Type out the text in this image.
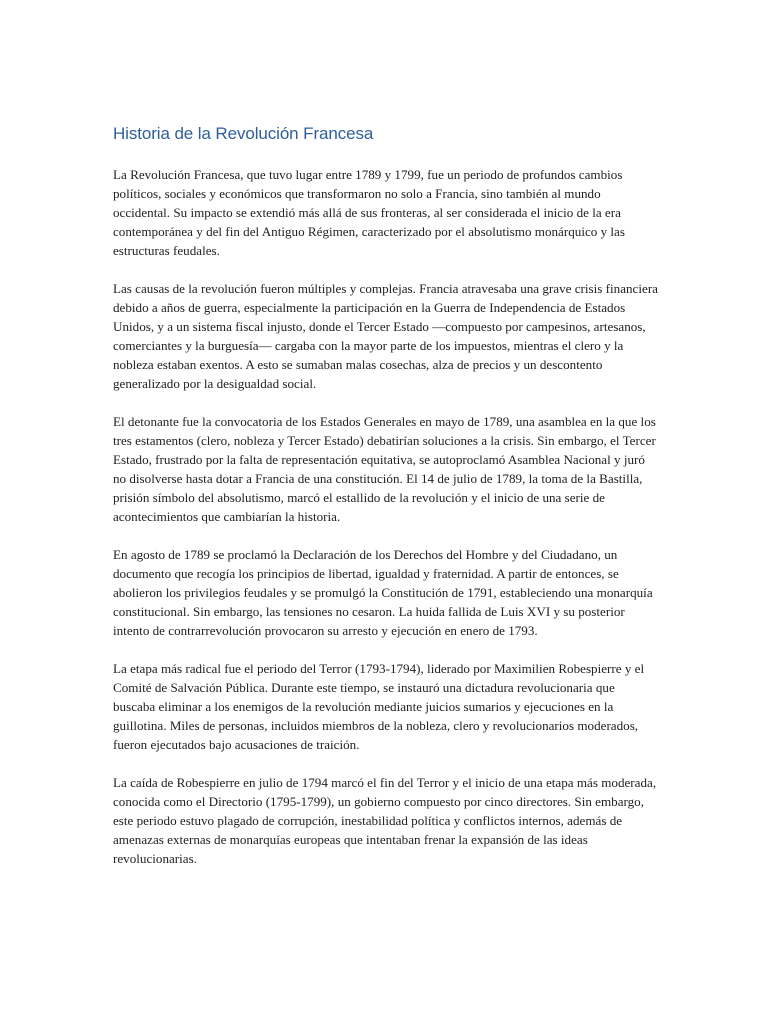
Historia de la Revolución Francesa

La Revolución Francesa, que tuvo lugar entre 1789 y 1799, fue un periodo de profundos cambios políticos, sociales y económicos que transformaron no solo a Francia, sino también al mundo occidental. Su impacto se extendió más allá de sus fronteras, al ser considerada el inicio de la era contemporánea y del fin del Antiguo Régimen, caracterizado por el absolutismo monárquico y las estructuras feudales.

Las causas de la revolución fueron múltiples y complejas. Francia atravesaba una grave crisis financiera debido a años de guerra, especialmente la participación en la Guerra de Independencia de Estados Unidos, y a un sistema fiscal injusto, donde el Tercer Estado —compuesto por campesinos, artesanos, comerciantes y la burguesía— cargaba con la mayor parte de los impuestos, mientras el clero y la nobleza estaban exentos. A esto se sumaban malas cosechas, alza de precios y un descontento generalizado por la desigualdad social.

El detonante fue la convocatoria de los Estados Generales en mayo de 1789, una asamblea en la que los tres estamentos (clero, nobleza y Tercer Estado) debatirían soluciones a la crisis. Sin embargo, el Tercer Estado, frustrado por la falta de representación equitativa, se autoproclamó Asamblea Nacional y juró no disolverse hasta dotar a Francia de una constitución. El 14 de julio de 1789, la toma de la Bastilla, prisión símbolo del absolutismo, marcó el estallido de la revolución y el inicio de una serie de acontecimientos que cambiarían la historia.

En agosto de 1789 se proclamó la Declaración de los Derechos del Hombre y del Ciudadano, un documento que recogía los principios de libertad, igualdad y fraternidad. A partir de entonces, se abolieron los privilegios feudales y se promulgó la Constitución de 1791, estableciendo una monarquía constitucional. Sin embargo, las tensiones no cesaron. La huida fallida de Luis XVI y su posterior intento de contrarrevolución provocaron su arresto y ejecución en enero de 1793.

La etapa más radical fue el periodo del Terror (1793-1794), liderado por Maximilien Robespierre y el Comité de Salvación Pública. Durante este tiempo, se instauró una dictadura revolucionaria que buscaba eliminar a los enemigos de la revolución mediante juicios sumarios y ejecuciones en la guillotina. Miles de personas, incluidos miembros de la nobleza, clero y revolucionarios moderados, fueron ejecutados bajo acusaciones de traición.

La caída de Robespierre en julio de 1794 marcó el fin del Terror y el inicio de una etapa más moderada, conocida como el Directorio (1795-1799), un gobierno compuesto por cinco directores. Sin embargo, este periodo estuvo plagado de corrupción, inestabilidad política y conflictos internos, además de amenazas externas de monarquías europeas que intentaban frenar la expansión de las ideas revolucionarias.
